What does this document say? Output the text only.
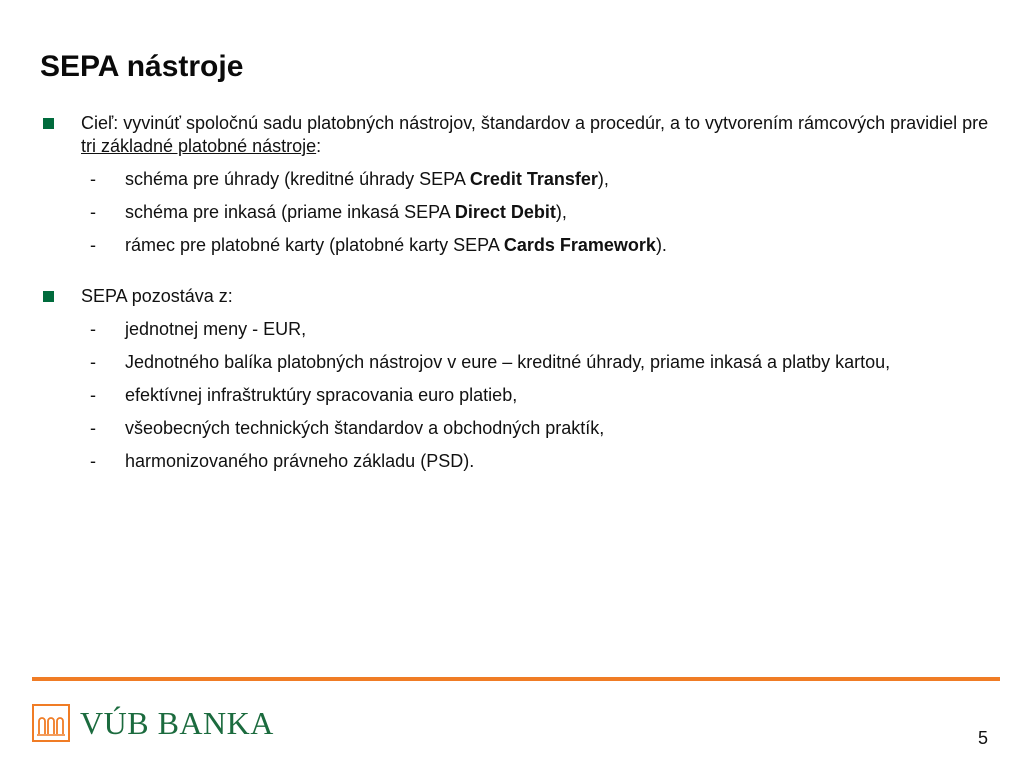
SEPA nástroje
Cieľ: vyvinúť spoločnú sadu platobných nástrojov, štandardov a procedúr, a to vytvorením rámcových pravidiel pre tri základné platobné nástroje:
- schéma pre úhrady (kreditné úhrady SEPA Credit Transfer),
- schéma pre inkasá (priame inkasá SEPA Direct Debit),
- rámec pre platobné karty (platobné karty SEPA Cards Framework).
SEPA pozostáva z:
- jednotnej meny - EUR,
- Jednotného balíka platobných nástrojov v eure – kreditné úhrady, priame inkasá a platby kartou,
- efektívnej infraštruktúry spracovania euro platieb,
- všeobecných technických štandardov a obchodných praktík,
- harmonizovaného právneho základu (PSD).
VÚB BANKA	5
